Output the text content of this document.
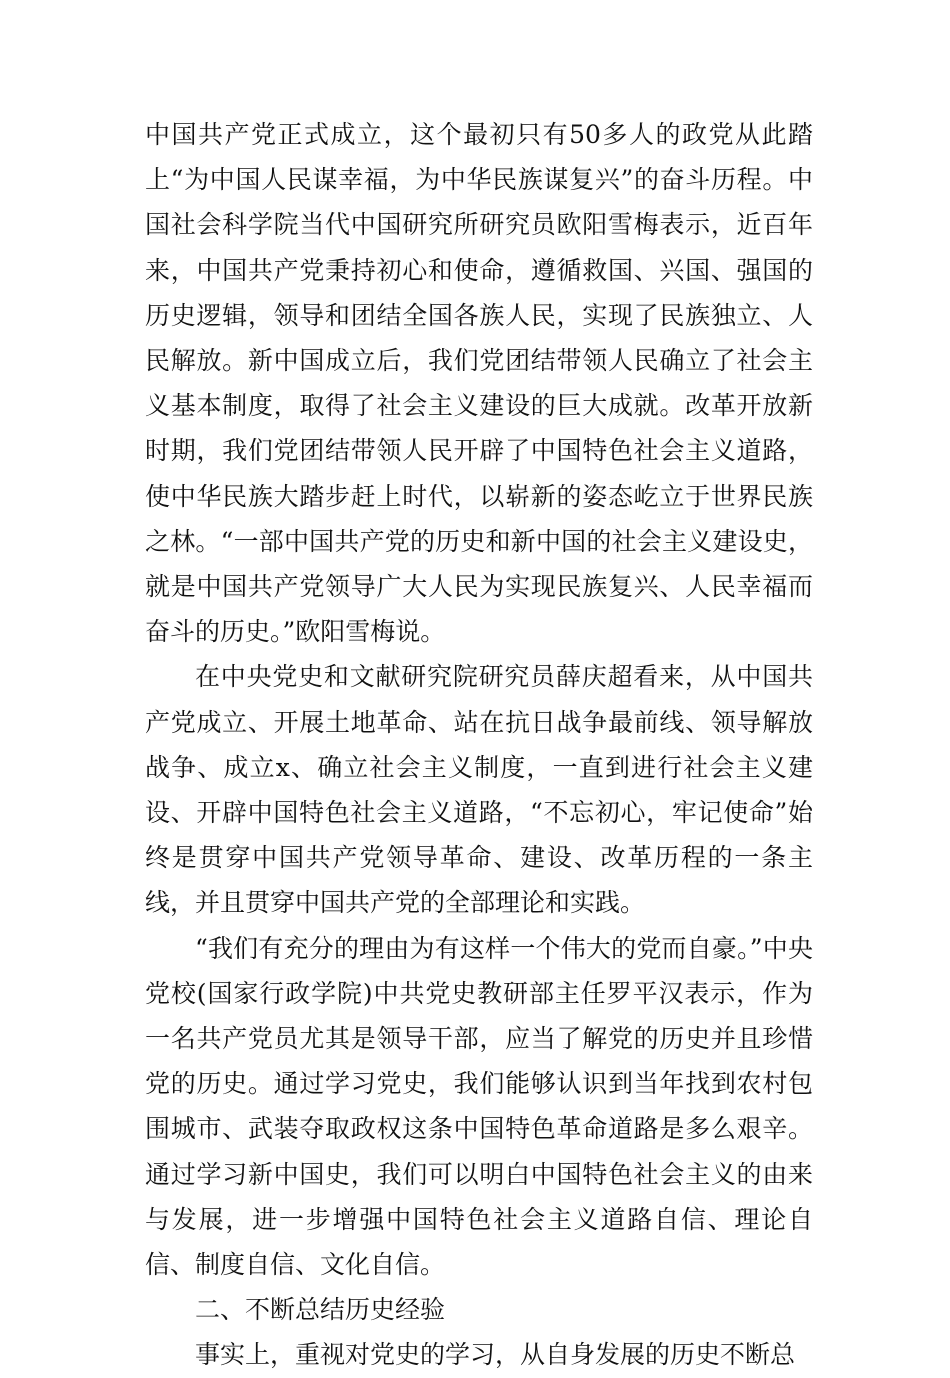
中国共产党正式成立，这个最初只有50多人的政党从此踏上“为中国人民谋幸福，为中华民族谋复兴”的奋斗历程。中国社会科学院当代中国研究所研究员欧阳雪梅表示，近百年来，中国共产党秉持初心和使命，遵循救国、兴国、强国的历史逻辑，领导和团结全国各族人民，实现了民族独立、人民解放。新中国成立后，我们党团结带领人民确立了社会主义基本制度，取得了社会主义建设的巨大成就。改革开放新时期，我们党团结带领人民开辟了中国特色社会主义道路，使中华民族大踏步赶上时代，以崭新的姿态屹立于世界民族之林。“一部中国共产党的历史和新中国的社会主义建设史，就是中国共产党领导广大人民为实现民族复兴、人民幸福而奋斗的历史。”欧阳雪梅说。

在中央党史和文献研究院研究员薛庆超看来，从中国共产党成立、开展土地革命、站在抗日战争最前线、领导解放战争、成立x、确立社会主义制度，一直到进行社会主义建设、开辟中国特色社会主义道路，“不忘初心，牢记使命”始终是贯穿中国共产党领导革命、建设、改革历程的一条主线，并且贯穿中国共产党的全部理论和实践。

“我们有充分的理由为有这样一个伟大的党而自豪。”中央党校(国家行政学院)中共党史教研部主任罗平汉表示，作为一名共产党员尤其是领导干部，应当了解党的历史并且珍惜党的历史。通过学习党史，我们能够认识到当年找到农村包围城市、武装夺取政权这条中国特色革命道路是多么艰辛。通过学习新中国史，我们可以明白中国特色社会主义的由来与发展，进一步增强中国特色社会主义道路自信、理论自信、制度自信、文化自信。

二、不断总结历史经验

事实上，重视对党史的学习，从自身发展的历史不断总
